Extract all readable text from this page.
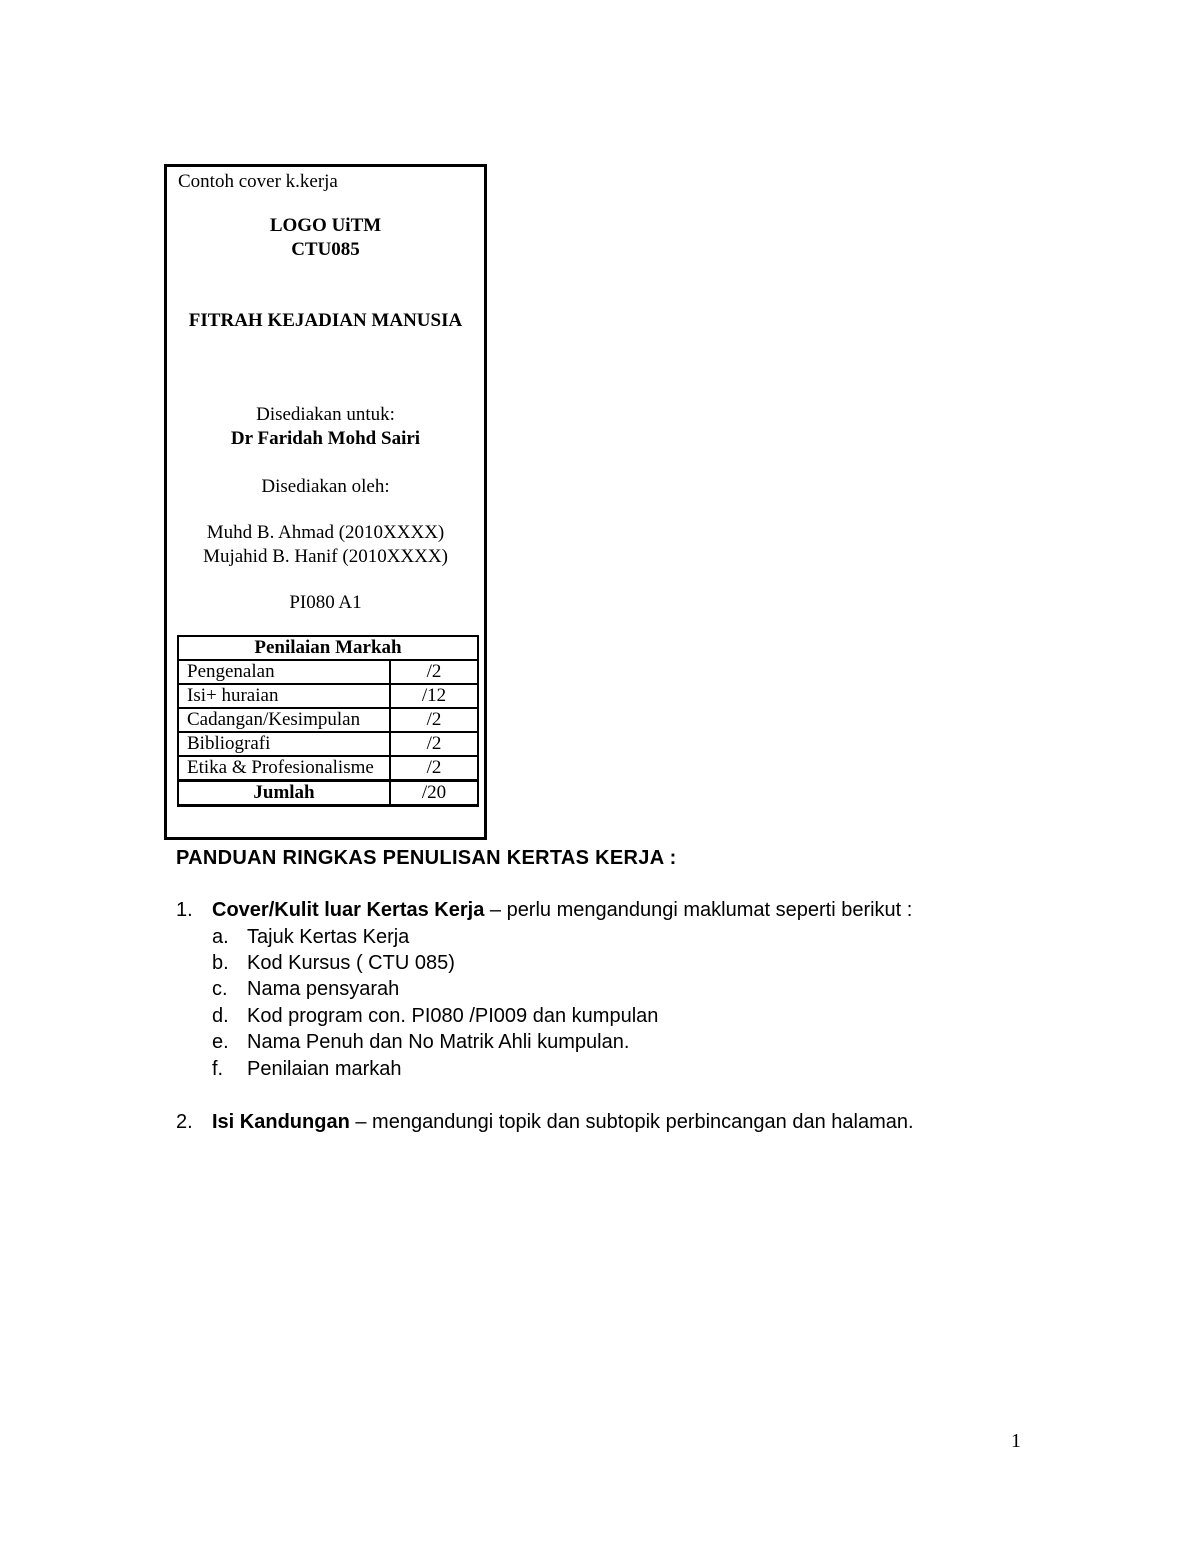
Contoh cover k.kerja
LOGO UiTM
CTU085
FITRAH KEJADIAN MANUSIA
Disediakan untuk:
Dr Faridah Mohd Sairi
Disediakan oleh:
Muhd B. Ahmad (2010XXXX)
Mujahid B. Hanif (2010XXXX)
PI080 A1
Penilaian Markah	
Pengenalan	/2
Isi+ huraian	/12
Cadangan/Kesimpulan	/2
Bibliografi	/2
Etika & Profesionalisme	/2
Jumlah	/20
PANDUAN RINGKAS PENULISAN KERTAS KERJA :
1. Cover/Kulit luar Kertas Kerja – perlu mengandungi maklumat seperti berikut :
a. Tajuk Kertas Kerja
b. Kod Kursus ( CTU 085)
c. Nama pensyarah
d. Kod program con. PI080 /PI009 dan kumpulan
e. Nama Penuh dan No Matrik Ahli kumpulan.
f. Penilaian markah
2. Isi Kandungan – mengandungi topik dan subtopik perbincangan dan halaman.
1
